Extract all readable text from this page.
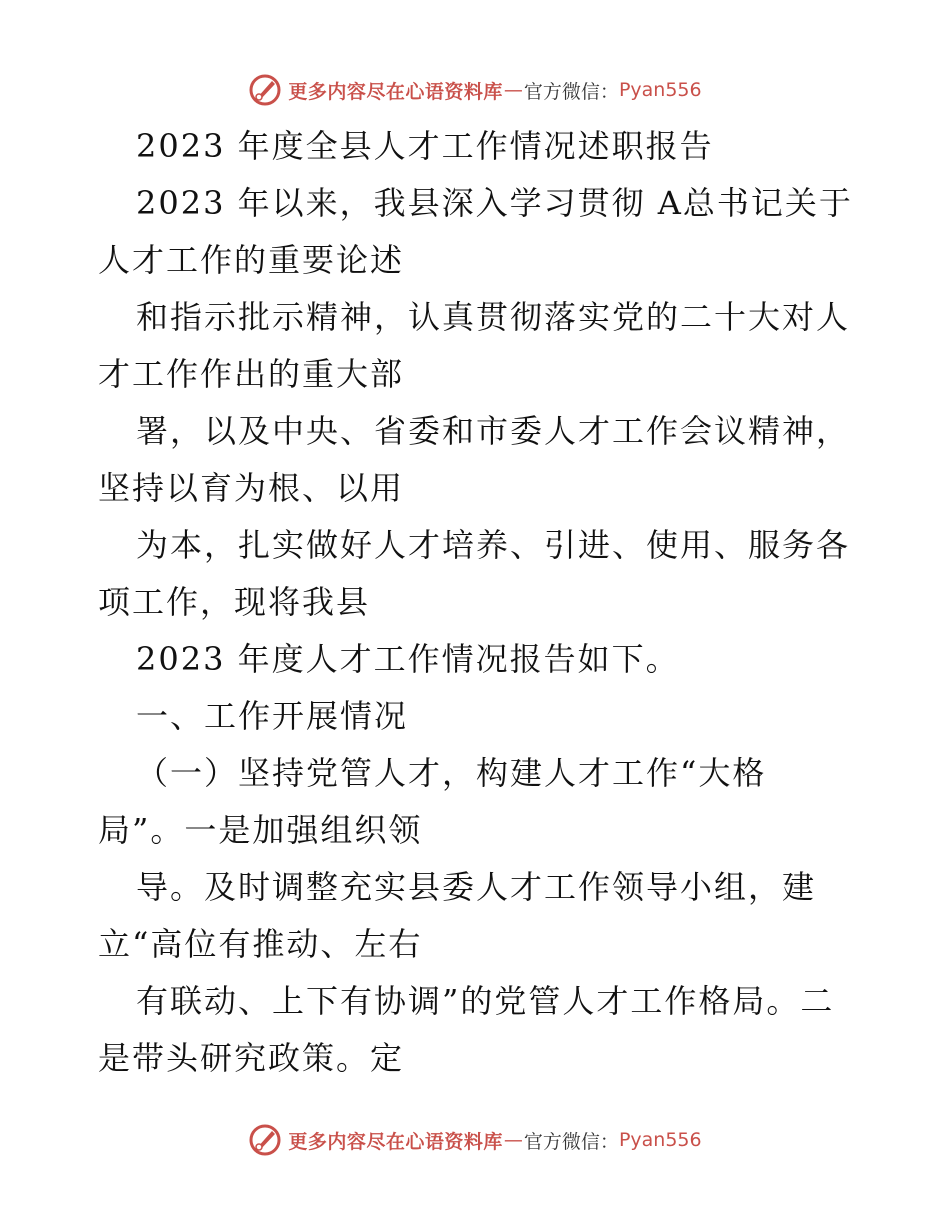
更多内容尽在心语资料库 — 官方微信： Pyan556
2023 年度全县人才工作情况述职报告
2023 年以来，我县深入学习贯彻 A总书记关于
人才工作的重要论述
和指示批示精神，认真贯彻落实党的二十大对人
才工作作出的重大部
署，以及中央、省委和市委人才工作会议精神，
坚持以育为根、以用
为本，扎实做好人才培养、引进、使用、服务各
项工作，现将我县
2023 年度人才工作情况报告如下。
一、工作开展情况
（一）坚持党管人才，构建人才工作“大格
局”。一是加强组织领
导。及时调整充实县委人才工作领导小组，建
立“高位有推动、左右
有联动、上下有协调”的党管人才工作格局。二
是带头研究政策。定
更多内容尽在心语资料库 — 官方微信： Pyan556
